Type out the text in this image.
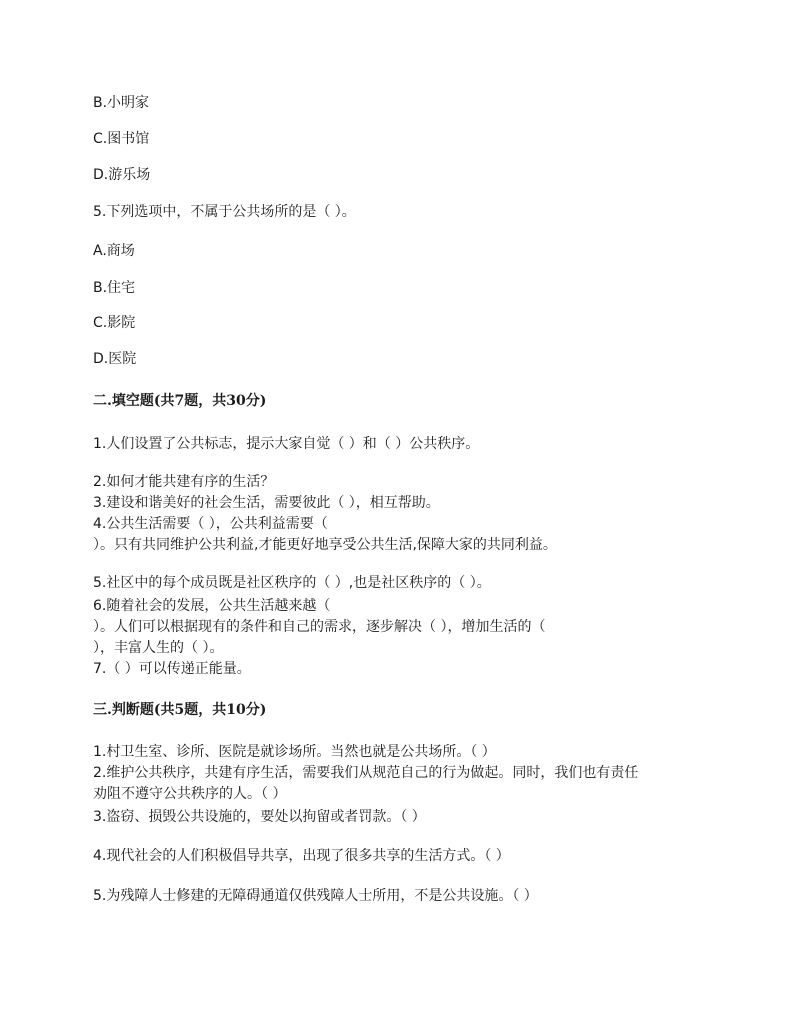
B.小明家
C.图书馆
D.游乐场
5.下列选项中，不属于公共场所的是（ ）。
A.商场
B.住宅
C.影院
D.医院
二.填空题(共7题，共30分)
1.人们设置了公共标志，提示大家自觉（ ）和（ ）公共秩序。
2.如何才能共建有序的生活？
3.建设和谐美好的社会生活，需要彼此（ ），相互帮助。
4.公共生活需要（ ），公共利益需要（
）。只有共同维护公共利益,才能更好地享受公共生活,保障大家的共同利益。
5.社区中的每个成员既是社区秩序的（ ）,也是社区秩序的（ ）。
6.随着社会的发展，公共生活越来越（
）。人们可以根据现有的条件和自己的需求，逐步解决（ ），增加生活的（
），丰富人生的（ ）。
7.（ ）可以传递正能量。
三.判断题(共5题，共10分)
1.村卫生室、诊所、医院是就诊场所。当然也就是公共场所。（ ）
2.维护公共秩序，共建有序生活，需要我们从规范自己的行为做起。同时，我们也有责任
劝阻不遵守公共秩序的人。（ ）
3.盗窃、损毁公共设施的，要处以拘留或者罚款。（ ）
4.现代社会的人们积极倡导共享，出现了很多共享的生活方式。（ ）
5.为残障人士修建的无障碍通道仅供残障人士所用，不是公共设施。（ ）
